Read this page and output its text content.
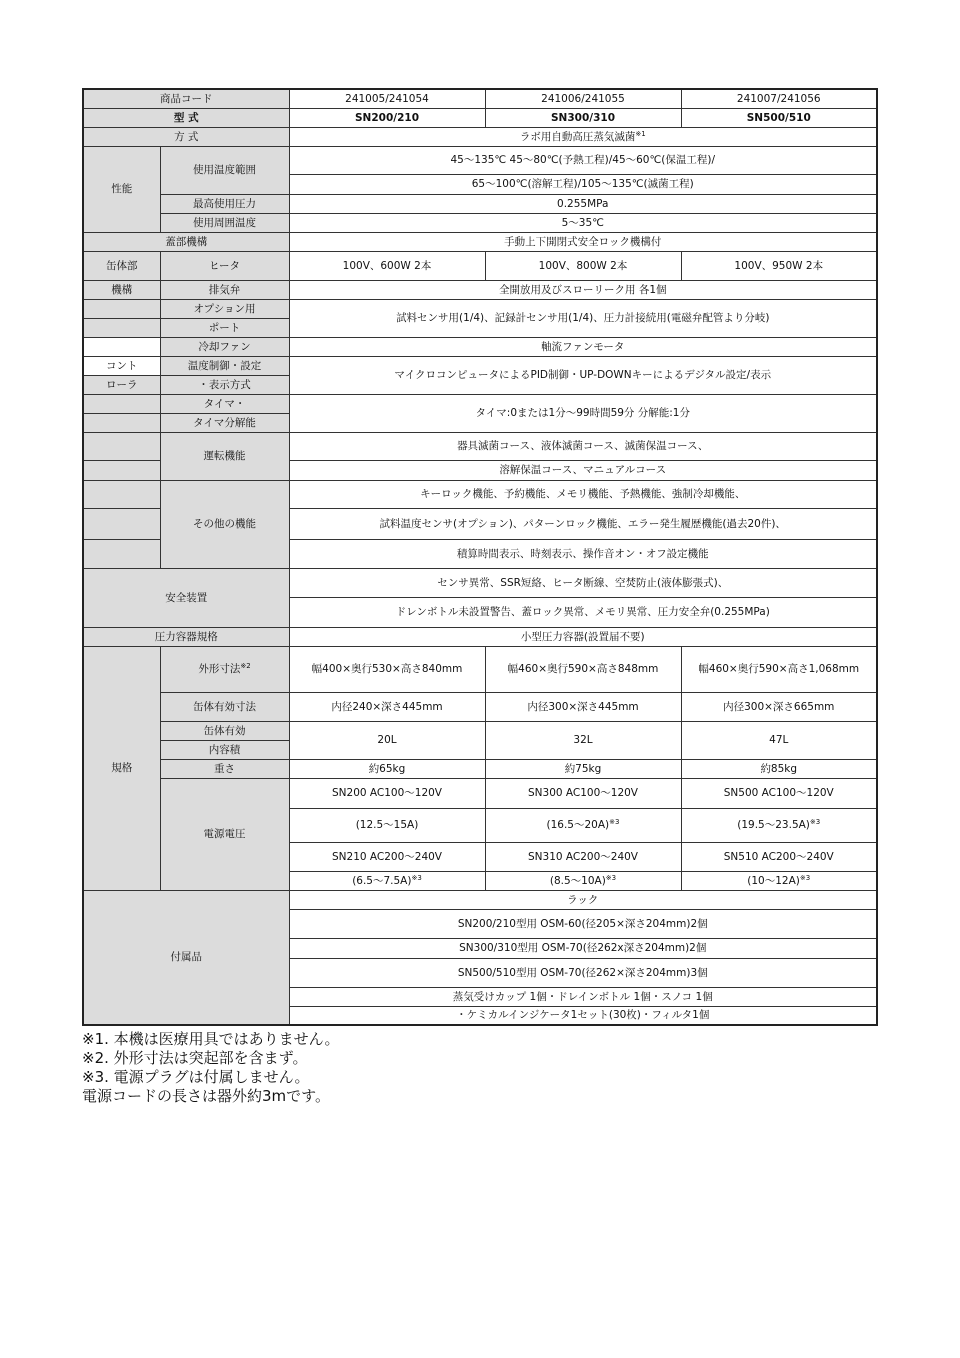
商品コード		241005/241054	241006/241055	241007/241056
型 式		SN200/210	SN300/310	SN500/510
方 式		ラボ用自動高圧蒸気滅菌$^{※1}$
性能	使用温度範囲	45〜135℃ 45〜80℃(予熱工程)/45〜60℃(保温工程)/		
		65〜100℃(溶解工程)/105〜135℃(滅菌工程)		
	最高使用圧力	0.255MPa		
	使用周囲温度	5〜35℃		
蓋部機構		手動上下開閉式安全ロック機構付		
缶体部	ヒータ	100V、600W 2本	100V、800W 2本	100V、950W 2本
機構	排気弁	全開放用及びスローリーク用 各1個		
	オプション用	試料センサ用(1/4)、記録計センサ用(1/4)、圧力計接続用(電磁弁配管より分岐)		
	ポート			
	冷却ファン	軸流ファンモータ		
コント	温度制御・設定	マイクロコンピュータによるPID制御・UP-DOWNキーによるデジタル設定/表示		
ローラ	・表示方式			
	タイマ・	タイマ:0または1分〜99時間59分 分解能:1分		
	タイマ分解能			
	運転機能	器具滅菌コース、液体滅菌コース、滅菌保温コース、		
		溶解保温コース、マニュアルコース		
	その他の機能	キーロック機能、予約機能、メモリ機能、予熱機能、強制冷却機能、		
		試料温度センサ(オプション)、パターンロック機能、エラー発生履歴機能(過去20件)、		
		積算時間表示、時刻表示、操作音オン・オフ設定機能		
安全装置		センサ異常、SSR短絡、ヒータ断線、空焚防止(液体膨張式)、		
		ドレンボトル未設置警告、蓋ロック異常、メモリ異常、圧力安全弁(0.255MPa)		
圧力容器規格		小型圧力容器(設置届不要)		
規格	外形寸法$^{※2}$	幅400×奥行530×高さ840mm	幅460×奥行590×高さ848mm	幅460×奥行590×高さ1,068mm
	缶体有効寸法	内径240×深さ445mm	内径300×深さ445mm	内径300×深さ665mm
	缶体有効	20L	32L	47L
	内容積			
	重さ	約65kg	約75kg	約85kg
	電源電圧	SN200 AC100〜120V	SN300 AC100〜120V	SN500 AC100〜120V
		(12.5〜15A)	(16.5〜20A)$^{※3}$	(19.5〜23.5A)$^{※3}$
		SN210 AC200〜240V	SN310 AC200〜240V	SN510 AC200〜240V
		(6.5〜7.5A)$^{※3}$	(8.5〜10A)$^{※3}$	(10〜12A)$^{※3}$
付属品		ラック		
		SN200/210型用 OSM-60(径205×深さ204mm)2個		
		SN300/310型用 OSM-70(径262x深さ204mm)2個		
		SN500/510型用 OSM-70(径262×深さ204mm)3個		
		蒸気受けカップ 1個・ドレインボトル 1個・スノコ 1個		
		・ケミカルインジケータ1セット(30枚)・フィルタ1個		
※1. 本機は医療用具ではありません。
※2. 外形寸法は突起部を含まず。
※3. 電源プラグは付属しません。
電源コードの長さは器外約3mです。
